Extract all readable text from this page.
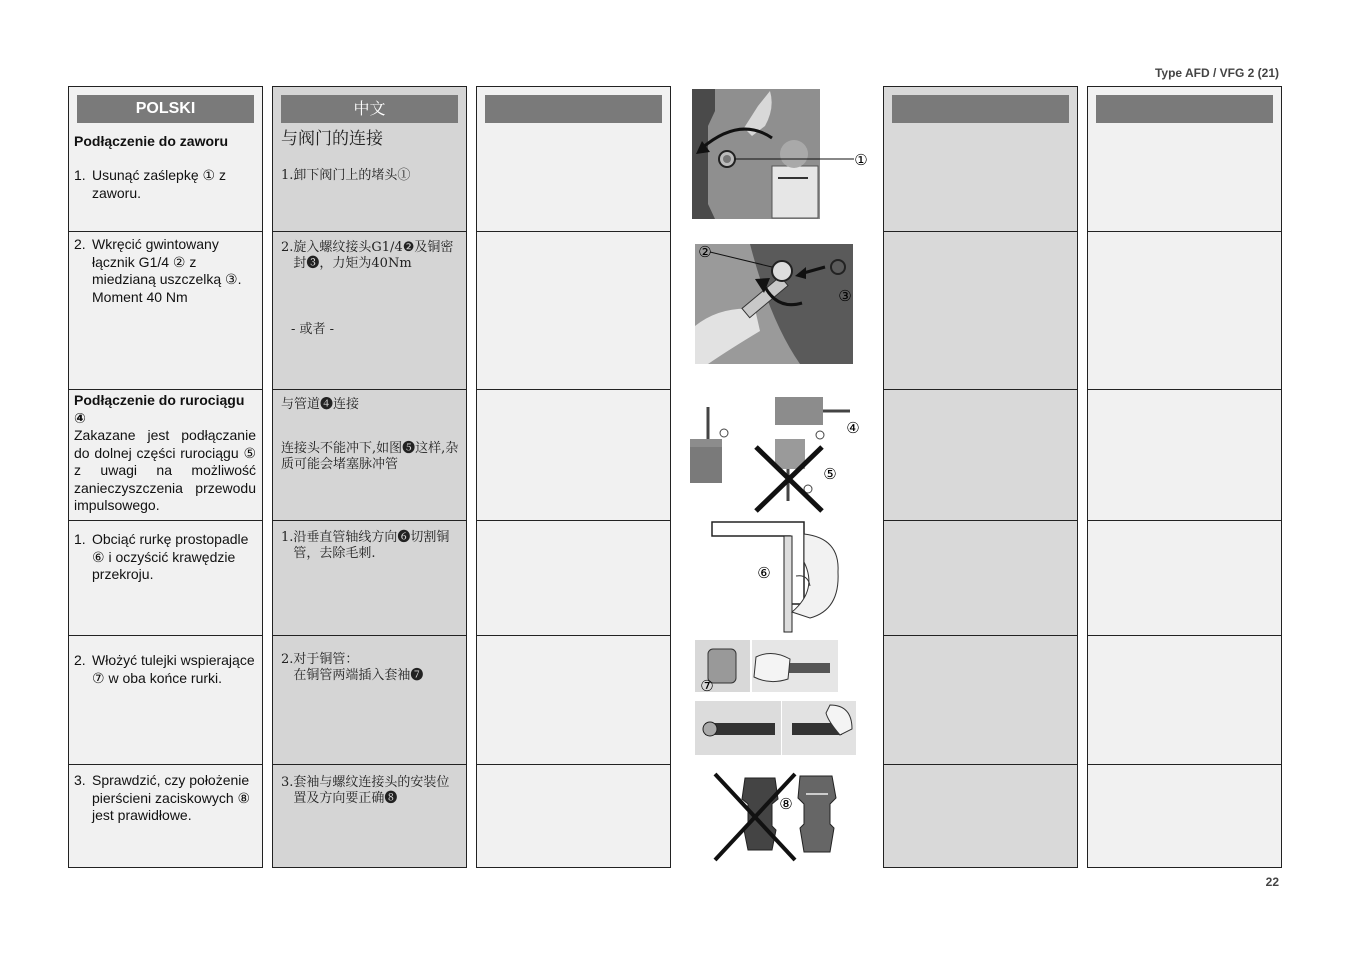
Type AFD / VFG 2 (21)
POLSKI
Podłączenie do zaworu
1. Usunąć zaślepkę ① z zaworu.
2. Wkręcić gwintowany łącznik G1/4 ② z miedzianą uszczelką ③. Moment 40 Nm
Podłączenie do rurociągu ④
Zakazane jest podłączanie do dolnej części rurociągu ⑤ z uwagi na możliwość zanieczyszczenia przewodu impulsowego.
1. Obciąć rurkę prostopadle ⑥ i oczyścić krawędzie przekroju.
2. Włożyć tulejki wspierające ⑦ w oba końce rurki.
3. Sprawdzić, czy położenie pierścieni zaciskowych ⑧ jest prawidłowe.
中文
与阀门的连接
1.卸下阀门上的堵头①
2. 旋入螺纹接头G1/4❷及铜密封❸，力矩为40Nm
- 或者 -
与管道❹连接
连接头不能冲下,如图❺这样,杂质可能会堵塞脉冲管
1. 沿垂直管轴线方向❻切割铜管，去除毛刺.
2. 对于铜管：
在铜管两端插入套袖❼
3. 套袖与螺纹连接头的安装位置及方向要正确❽
①
②
③
④
⑤
⑥
⑦
⑧
22
